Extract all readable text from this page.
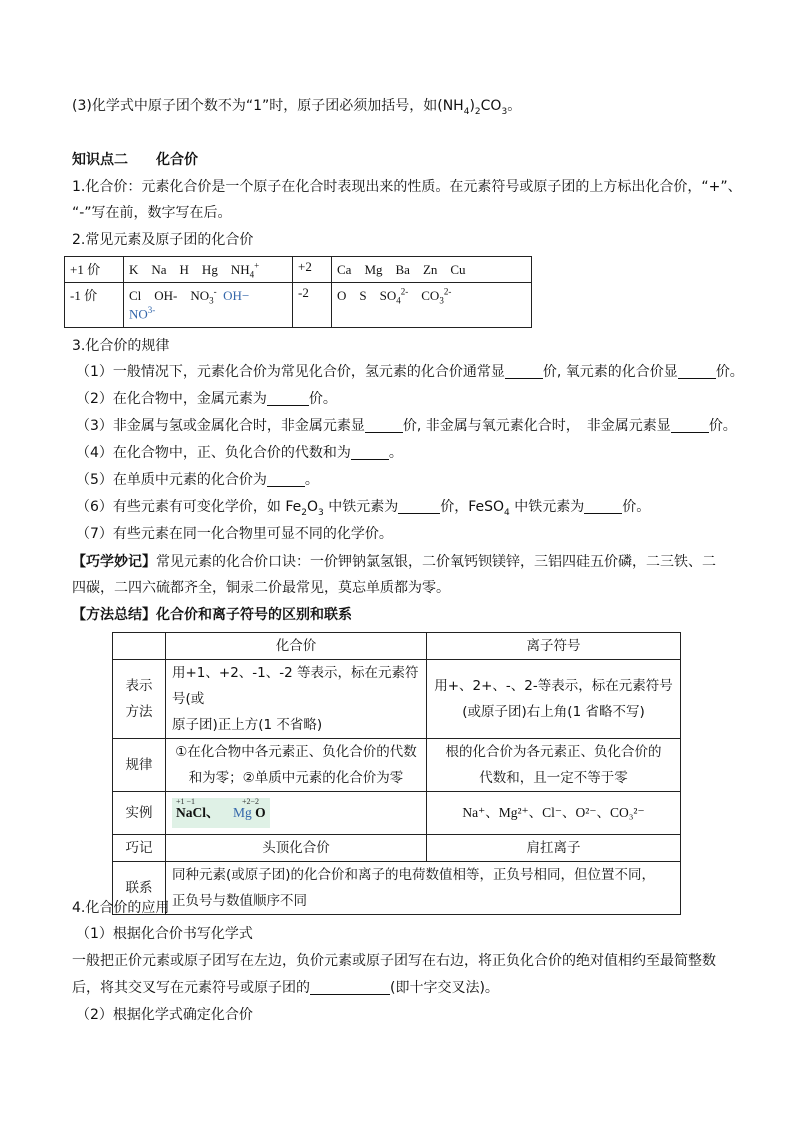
(3)化学式中原子团个数不为“1”时，原子团必须加括号，如$(NH_4)_2CO_3$。
知识点二　　化合价
1.化合价：元素化合价是一个原子在化合时表现出来的性质。在元素符号或原子团的上方标出化合价，“+”、
“-”写在前，数字写在后。
2.常见元素及原子团的化合价
+1 价	K　Na　H　Hg　$NH_4^+$	+2	Ca　Mg　Ba　Zn　Cu
-1 价	Cl　OH-　$NO_3^-$ OH−
$NO^{3-}$	-2	O　S　$SO_4^{2-}$　$CO_3^{2-}$
3.化合价的规律
（1）一般情况下，元素化合价为常见化合价，氢元素的化合价通常显	价, 氧元素的化合价显	价。
（2）在化合物中，金属元素为	价。
（3）非金属与氢或金属化合时，非金属元素显	价, 非金属与氧元素化合时，　非金属元素显	价。
（4）在化合物中，正、负化合价的代数和为	。
（5）在单质中元素的化合价为	。
（6）有些元素有可变化学价，如 $Fe_2O_3$ 中铁元素为	价，FeSO$_4$ 中铁元素为	价。
（7）有些元素在同一化合物里可显不同的化学价。
【巧学妙记】常见元素的化合价口诀：一价钾钠氯氢银，二价氧钙钡镁锌，三铝四硅五价磷，二三铁、二
四碳，二四六硫都齐全，铜汞二价最常见，莫忘单质都为零。
【方法总结】化合价和离子符号的区别和联系
	化合价	离子符号
表示
方法	用+1、+2、-1、-2 等表示，标在元素符号(或
原子团)正上方(1 不省略)	用+、2+、-、2-等表示，标在元素符号
(或原子团)右上角(1 省略不写)
规律	①在化合物中各元素正、负化合价的代数
和为零；②单质中元素的化合价为零	根的化合价为各元素正、负化合价的
代数和，且一定不等于零
实例	+1 −1
NaCl、
+2−2
Mg O	Na⁺、Mg²⁺、Cl⁻、O²⁻、CO₃²⁻
巧记	头顶化合价	肩扛离子
联系	同种元素(或原子团)的化合价和离子的电荷数值相等，正负号相同，但位置不同，
正负号与数值顺序不同	
4.化合价的应用
（1）根据化合价书写化学式
一般把正价元素或原子团写在左边，负价元素或原子团写在右边，将正负化合价的绝对值相约至最简整数
后，将其交叉写在元素符号或原子团的	(即十字交叉法)。
（2）根据化学式确定化合价
